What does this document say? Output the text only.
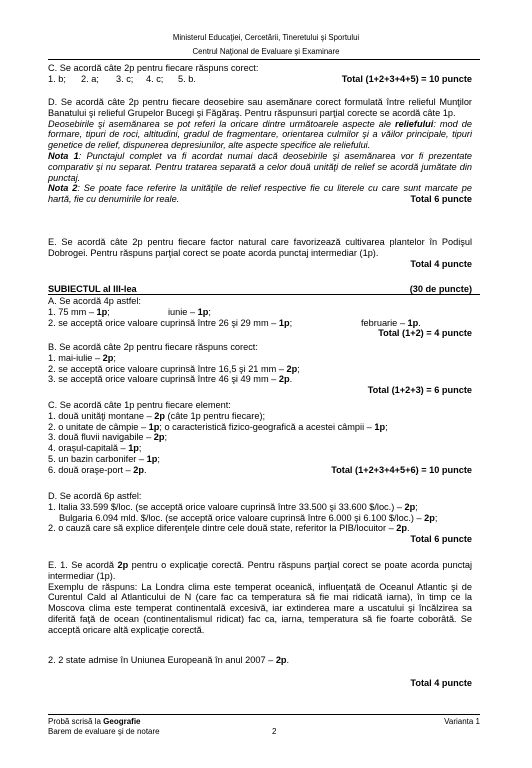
Ministerul Educaţiei, Cercetării, Tineretului şi Sportului
Centrul Naţional de Evaluare şi Examinare
C. Se acordă câte 2p pentru fiecare răspuns corect:
1. b; 2. a; 3. c; 4. c; 5. b.	Total (1+2+3+4+5) = 10 puncte
D. Se acordă câte 2p pentru fiecare deosebire sau asemănare corect formulată între relieful Munţilor Banatului şi relieful Grupelor Bucegi şi Făgăraş. Pentru răspunsuri parţial corecte se acordă câte 1p.
Deosebirile şi asemănarea se pot referi la oricare dintre următoarele aspecte ale reliefului: mod de formare, tipuri de roci, altitudini, gradul de fragmentare, orientarea culmilor şi a văilor principale, tipuri genetice de relief, dispunerea depresiunilor, alte aspecte specifice ale reliefului.
Nota 1: Punctajul complet va fi acordat numai dacă deosebirile şi asemănarea vor fi prezentate comparativ şi nu separat. Pentru tratarea separată a celor două unităţi de relief se acordă jumătate din punctaj.
Nota 2: Se poate face referire la unităţile de relief respective fie cu literele cu care sunt marcate pe hartă, fie cu denumirile lor reale.	Total 6 puncte
E. Se acordă câte 2p pentru fiecare factor natural care favorizează cultivarea plantelor în Podişul Dobrogei. Pentru răspuns parţial corect se poate acorda punctaj intermediar (1p).
Total 4 puncte
SUBIECTUL al III-lea	(30 de puncte)
A. Se acordă 4p astfel:
1. 75 mm – 1p;	iunie – 1p;
2. se acceptă orice valoare cuprinsă între 26 şi 29 mm – 1p;	februarie – 1p.
Total (1+2) = 4 puncte
B. Se acordă câte 2p pentru fiecare răspuns corect:
1. mai-iulie – 2p;
2. se acceptă orice valoare cuprinsă între 16,5 şi 21 mm – 2p;
3. se acceptă orice valoare cuprinsă între 46 şi 49 mm – 2p.
Total (1+2+3) = 6 puncte
C. Se acordă câte 1p pentru fiecare element:
1. două unităţi montane – 2p (câte 1p pentru fiecare);
2. o unitate de câmpie – 1p; o caracteristică fizico-geografică a acestei câmpii – 1p;
3. două fluvii navigabile – 2p;
4. oraşul-capitală – 1p;
5. un bazin carbonifer – 1p;
6. două oraşe-port – 2p.	Total (1+2+3+4+5+6) = 10 puncte
D. Se acordă 6p astfel:
1. Italia 33.599 $/loc. (se acceptă orice valoare cuprinsă între 33.500 şi 33.600 $/loc.) – 2p;
Bulgaria 6.094 mld. $/loc. (se acceptă orice valoare cuprinsă între 6.000 şi 6.100 $/loc.) – 2p;
2. o cauză care să explice diferenţele dintre cele două state, referitor la PIB/locuitor – 2p.
Total 6 puncte
E. 1. Se acordă 2p pentru o explicaţie corectă. Pentru răspuns parţial corect se poate acorda punctaj intermediar (1p).
Exemplu de răspuns: La Londra clima este temperat oceanică, influenţată de Oceanul Atlantic şi de Curentul Cald al Atlanticului de N (care fac ca temperatura să fie mai ridicată iarna), în timp ce la Moscova clima este temperat continentală excesivă, iar extinderea mare a uscatului şi încălzirea sa diferită faţă de ocean (continentalismul ridicat) fac ca, iarna, temperatura să fie foarte coborâtă. Se acceptă oricare altă explicaţie corectă.
2. 2 state admise în Uniunea Europeană în anul 2007 – 2p.
Total 4 puncte
Probă scrisă la Geografie	Varianta 1
Barem de evaluare şi de notare	2
